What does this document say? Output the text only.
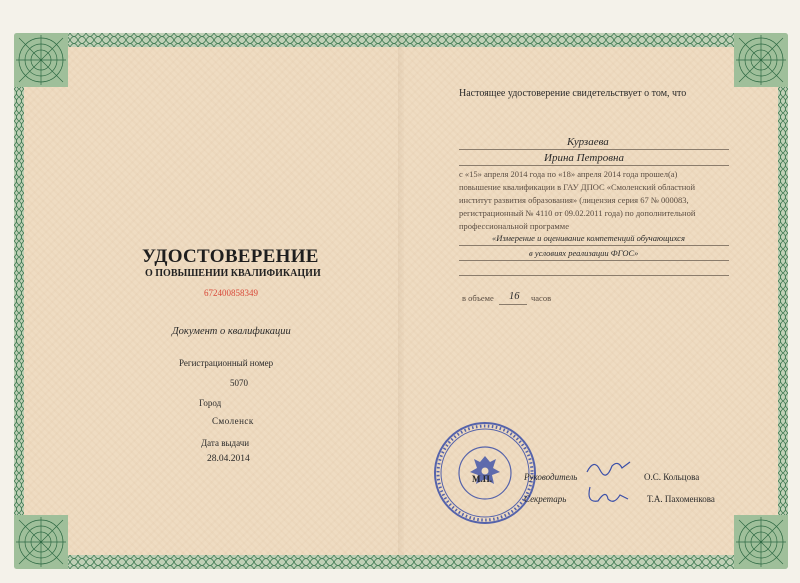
УДОСТОВЕРЕНИЕ
О ПОВЫШЕНИИ КВАЛИФИКАЦИИ
672400858349
Документ о квалификации
Регистрационный номер
5070
Город
Смоленск
Дата выдачи
28.04.2014
Настоящее удостоверение свидетельствует о том, что
Курзаева
Ирина Петровна
с «15» апреля 2014 года по «18» апреля 2014 года прошел(а)
повышение квалификации в ГАУ ДПОС «Смоленский областной
институт развития образования» (лицензия серия 67 № 000083,
регистрационный № 4110 от 09.02.2011 года) по дополнительной
профессиональной программе
«Измерение и оценивание компетенций обучающихся
в условиях реализации ФГОС»
в объеме 16 часов
М.П.	Руководитель	О.С. Кольцова
Секретарь	Т.А. Пахоменкова
